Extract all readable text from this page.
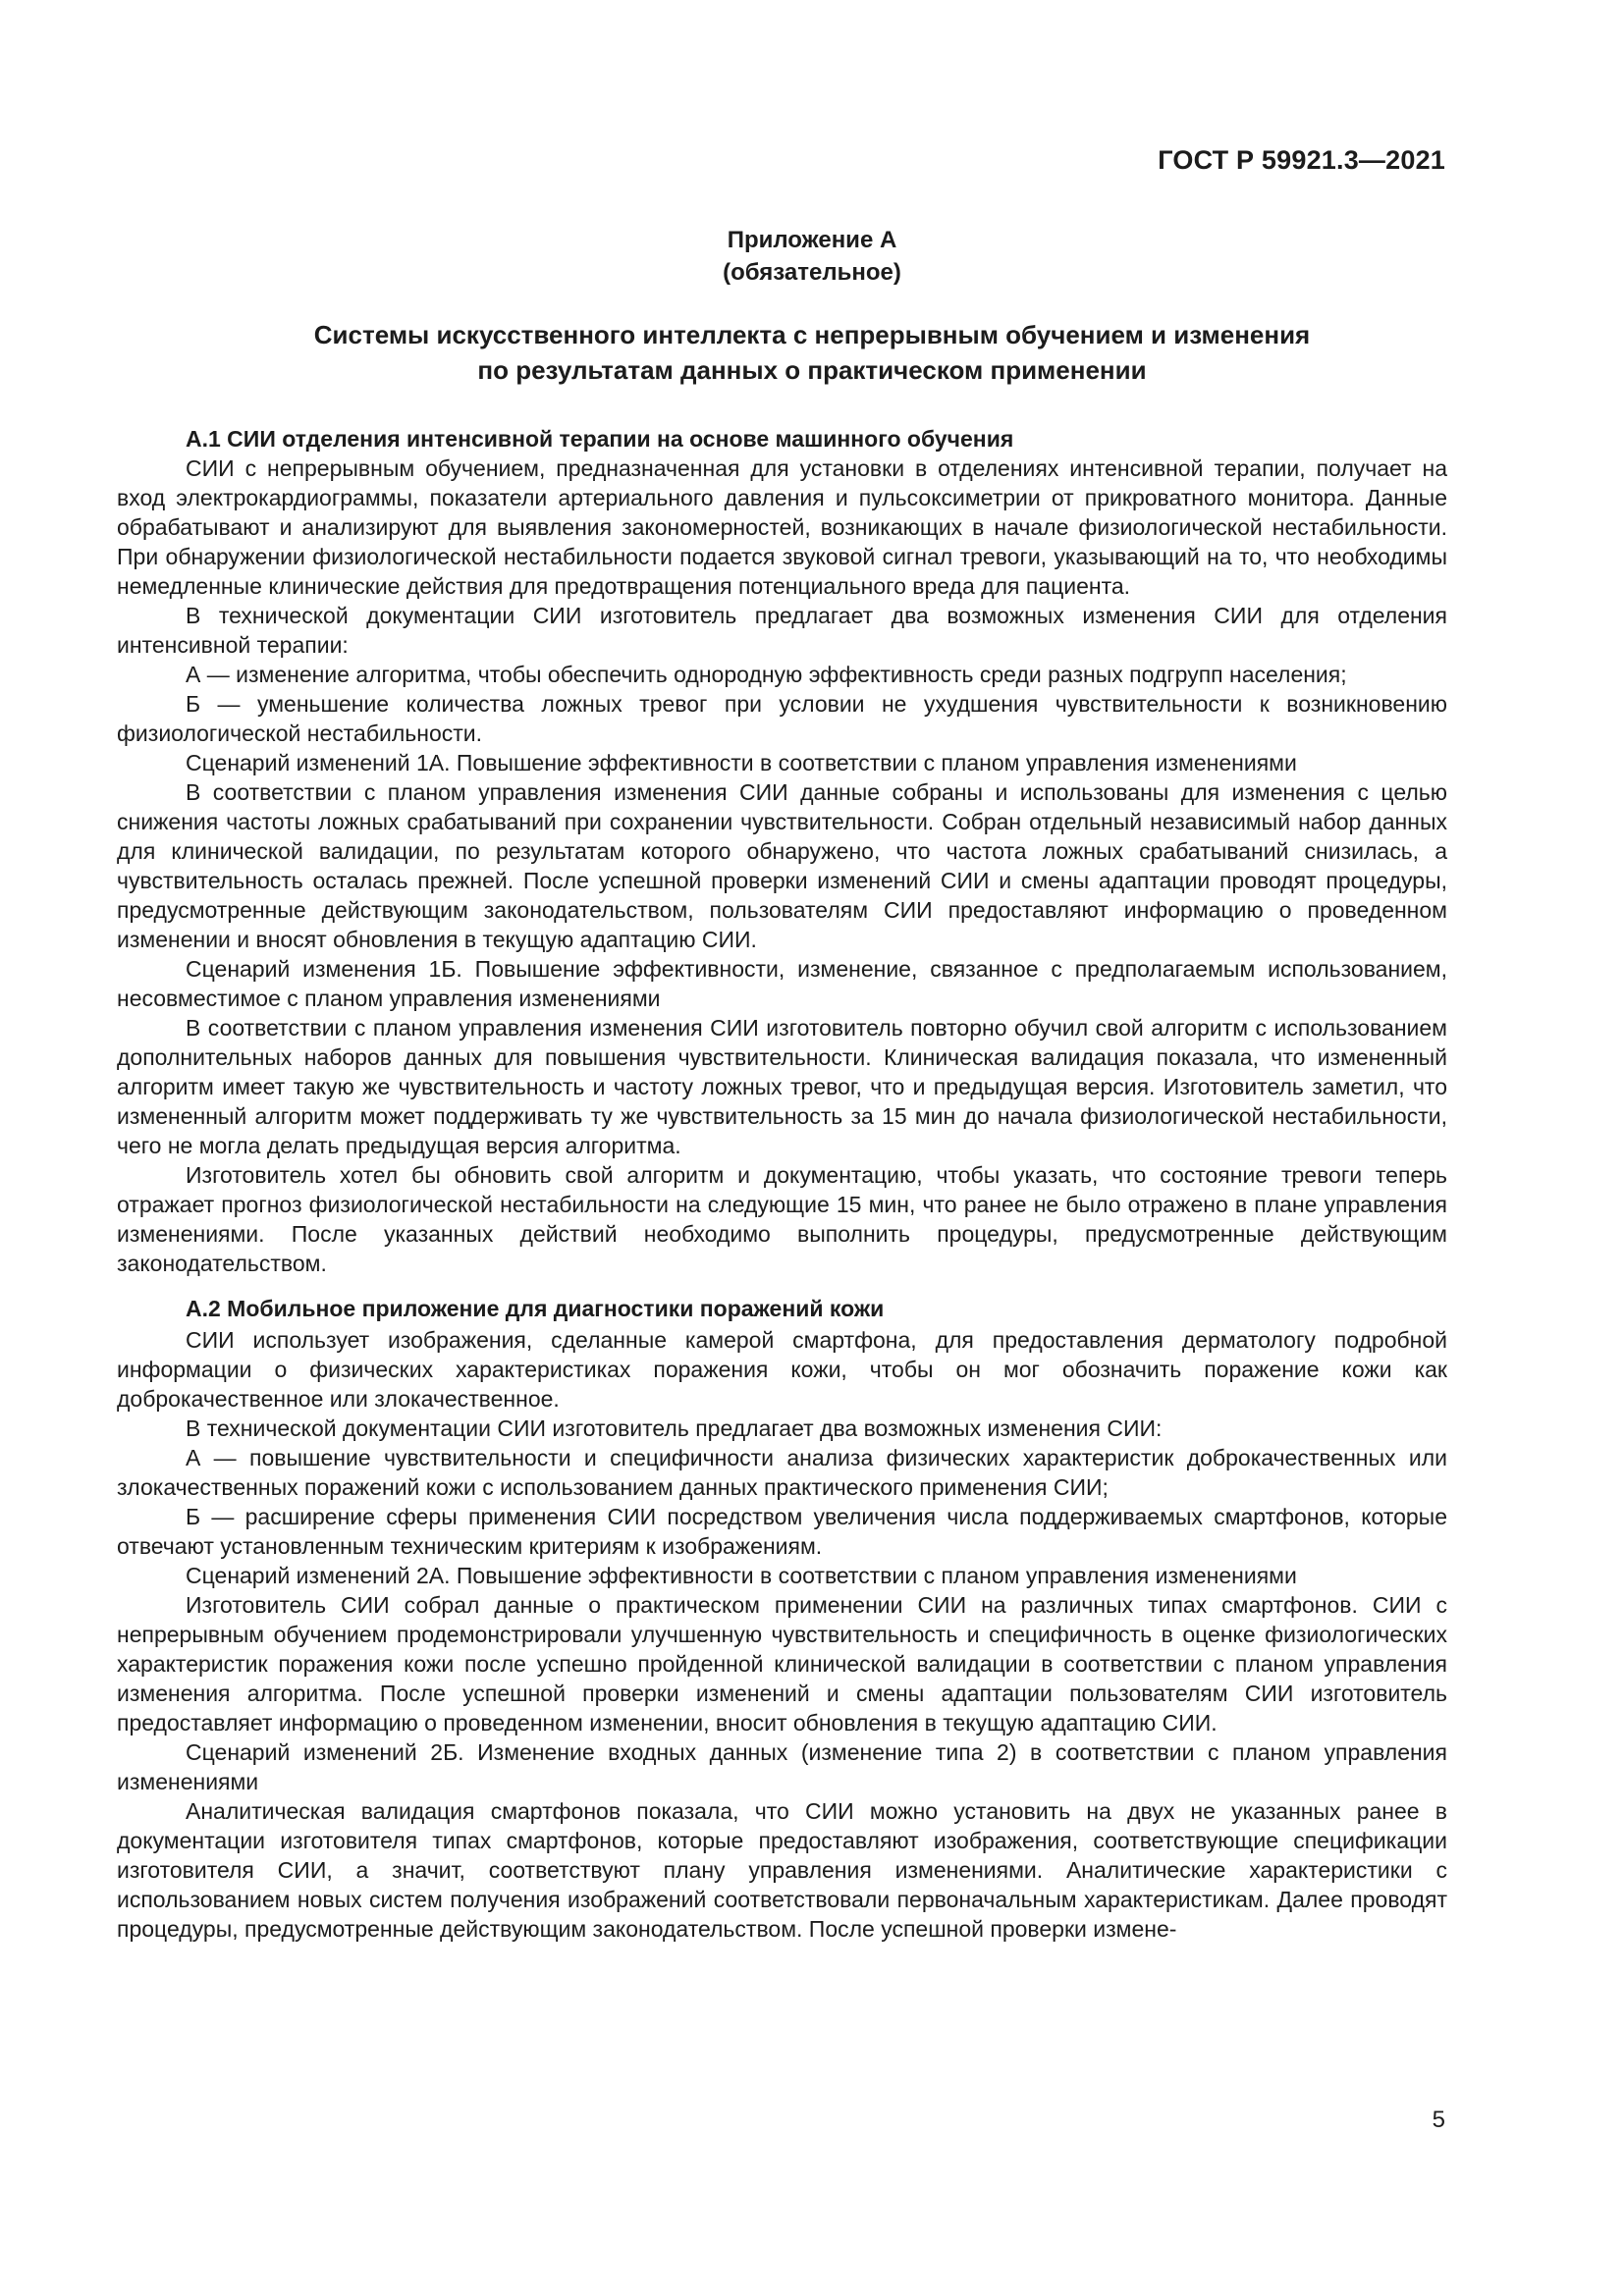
ГОСТ Р 59921.3—2021
Приложение А
(обязательное)
Системы искусственного интеллекта с непрерывным обучением и изменения
по результатам данных о практическом применении
А.1 СИИ отделения интенсивной терапии на основе машинного обучения

СИИ с непрерывным обучением, предназначенная для установки в отделениях интенсивной терапии, получает на вход электрокардиограммы, показатели артериального давления и пульсоксиметрии от прикроватного монитора. Данные обрабатывают и анализируют для выявления закономерностей, возникающих в начале физиологической нестабильности. При обнаружении физиологической нестабильности подается звуковой сигнал тревоги, указывающий на то, что необходимы немедленные клинические действия для предотвращения потенциального вреда для пациента.

В технической документации СИИ изготовитель предлагает два возможных изменения СИИ для отделения интенсивной терапии:

А — изменение алгоритма, чтобы обеспечить однородную эффективность среди разных подгрупп населения;

Б — уменьшение количества ложных тревог при условии не ухудшения чувствительности к возникновению физиологической нестабильности.

Сценарий изменений 1А. Повышение эффективности в соответствии с планом управления изменениями

В соответствии с планом управления изменения СИИ данные собраны и использованы для изменения с целью снижения частоты ложных срабатываний при сохранении чувствительности. Собран отдельный независимый набор данных для клинической валидации, по результатам которого обнаружено, что частота ложных срабатываний снизилась, а чувствительность осталась прежней. После успешной проверки изменений СИИ и смены адаптации проводят процедуры, предусмотренные действующим законодательством, пользователям СИИ предоставляют информацию о проведенном изменении и вносят обновления в текущую адаптацию СИИ.

Сценарий изменения 1Б. Повышение эффективности, изменение, связанное с предполагаемым использованием, несовместимое с планом управления изменениями

В соответствии с планом управления изменения СИИ изготовитель повторно обучил свой алгоритм с использованием дополнительных наборов данных для повышения чувствительности. Клиническая валидация показала, что измененный алгоритм имеет такую же чувствительность и частоту ложных тревог, что и предыдущая версия. Изготовитель заметил, что измененный алгоритм может поддерживать ту же чувствительность за 15 мин до начала физиологической нестабильности, чего не могла делать предыдущая версия алгоритма.

Изготовитель хотел бы обновить свой алгоритм и документацию, чтобы указать, что состояние тревоги теперь отражает прогноз физиологической нестабильности на следующие 15 мин, что ранее не было отражено в плане управления изменениями. После указанных действий необходимо выполнить процедуры, предусмотренные действующим законодательством.

А.2 Мобильное приложение для диагностики поражений кожи

СИИ использует изображения, сделанные камерой смартфона, для предоставления дерматологу подробной информации о физических характеристиках поражения кожи, чтобы он мог обозначить поражение кожи как доброкачественное или злокачественное.

В технической документации СИИ изготовитель предлагает два возможных изменения СИИ:

А — повышение чувствительности и специфичности анализа физических характеристик доброкачественных или злокачественных поражений кожи с использованием данных практического применения СИИ;

Б — расширение сферы применения СИИ посредством увеличения числа поддерживаемых смартфонов, которые отвечают установленным техническим критериям к изображениям.

Сценарий изменений 2А. Повышение эффективности в соответствии с планом управления изменениями

Изготовитель СИИ собрал данные о практическом применении СИИ на различных типах смартфонов. СИИ с непрерывным обучением продемонстрировали улучшенную чувствительность и специфичность в оценке физиологических характеристик поражения кожи после успешно пройденной клинической валидации в соответствии с планом управления изменения алгоритма. После успешной проверки изменений и смены адаптации пользователям СИИ изготовитель предоставляет информацию о проведенном изменении, вносит обновления в текущую адаптацию СИИ.

Сценарий изменений 2Б. Изменение входных данных (изменение типа 2) в соответствии с планом управления изменениями

Аналитическая валидация смартфонов показала, что СИИ можно установить на двух не указанных ранее в документации изготовителя типах смартфонов, которые предоставляют изображения, соответствующие спецификации изготовителя СИИ, а значит, соответствуют плану управления изменениями. Аналитические характеристики с использованием новых систем получения изображений соответствовали первоначальным характеристикам. Далее проводят процедуры, предусмотренные действующим законодательством. После успешной проверки измене-

5
